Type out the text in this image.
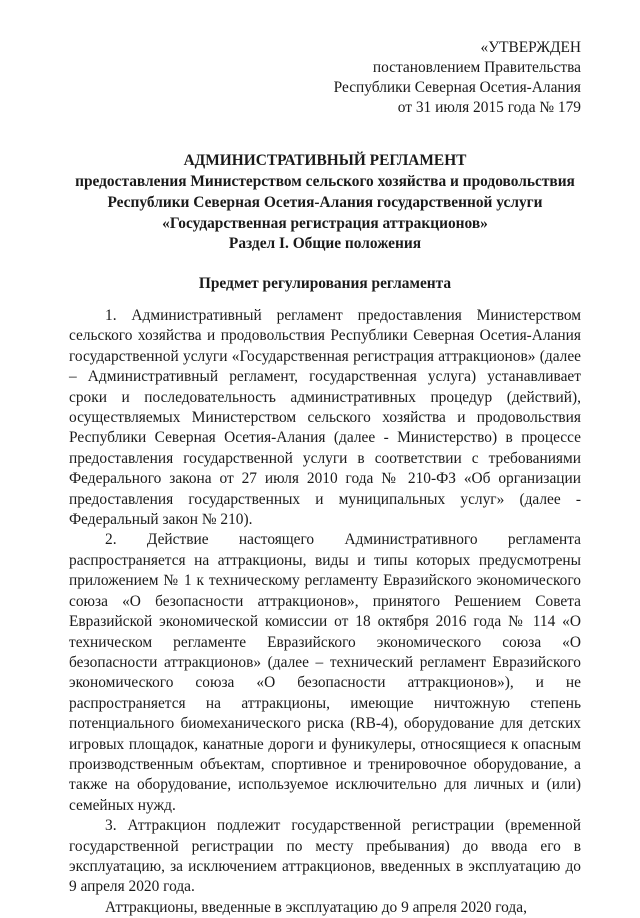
«УТВЕРЖДЕН
постановлением Правительства
Республики Северная Осетия-Алания
от 31 июля 2015 года № 179
АДМИНИСТРАТИВНЫЙ РЕГЛАМЕНТ
предоставления Министерством сельского хозяйства и продовольствия
Республики Северная Осетия-Алания государственной услуги
«Государственная регистрация аттракционов»
Раздел I. Общие положения
Предмет регулирования регламента

1. Административный регламент предоставления Министерством сельского хозяйства и продовольствия Республики Северная Осетия-Алания государственной услуги «Государственная регистрация аттракционов» (далее – Административный регламент, государственная услуга) устанавливает сроки и последовательность административных процедур (действий), осуществляемых Министерством сельского хозяйства и продовольствия Республики Северная Осетия-Алания (далее - Министерство) в процессе предоставления государственной услуги в соответствии с требованиями Федерального закона от 27 июля 2010 года № 210-ФЗ «Об организации предоставления государственных и муниципальных услуг» (далее - Федеральный закон № 210).

2. Действие настоящего Административного регламента распространяется на аттракционы, виды и типы которых предусмотрены приложением № 1 к техническому регламенту Евразийского экономического союза «О безопасности аттракционов», принятого Решением Совета Евразийской экономической комиссии от 18 октября 2016 года № 114 «О техническом регламенте Евразийского экономического союза «О безопасности аттракционов» (далее – технический регламент Евразийского экономического союза «О безопасности аттракционов»), и не распространяется на аттракционы, имеющие ничтожную степень потенциального биомеханического риска (RB-4), оборудование для детских игровых площадок, канатные дороги и фуникулеры, относящиеся к опасным производственным объектам, спортивное и тренировочное оборудование, а также на оборудование, используемое исключительно для личных и (или) семейных нужд.

3. Аттракцион подлежит государственной регистрации (временной государственной регистрации по месту пребывания) до ввода его в эксплуатацию, за исключением аттракционов, введенных в эксплуатацию до 9 апреля 2020 года.

Аттракционы, введенные в эксплуатацию до 9 апреля 2020 года,
